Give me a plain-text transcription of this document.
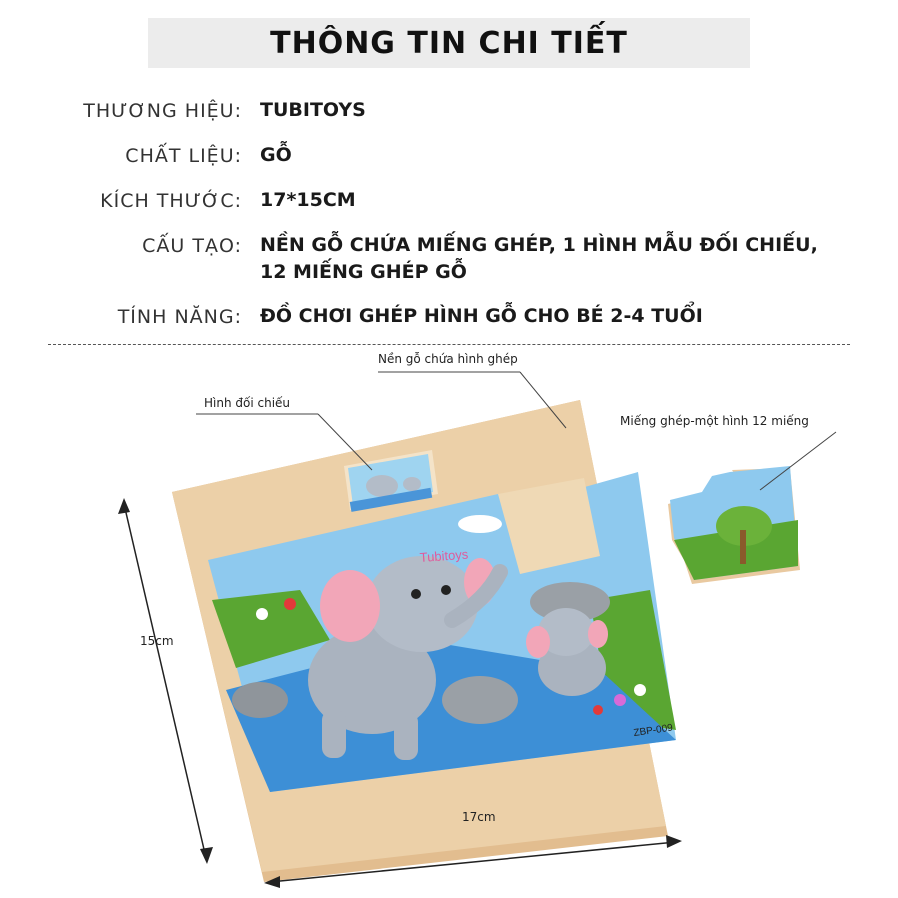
THÔNG TIN CHI TIẾT
THƯƠNG HIỆU: TUBITOYS
CHẤT LIỆU: GỖ
KÍCH THƯỚC: 17*15CM
CẤU TẠO: NỀN GỖ CHỨA MIẾNG GHÉP, 1 HÌNH MẪU ĐỐI CHIẾU,
12 MIẾNG GHÉP GỖ
TÍNH NĂNG: ĐỒ CHƠI GHÉP HÌNH GỖ CHO BÉ 2-4 TUỔI
Tubitoys
ZBP-009
Nền gỗ chứa hình ghép
Hình đối chiếu
Miếng ghép-một hình 12 miếng
15cm
17cm
